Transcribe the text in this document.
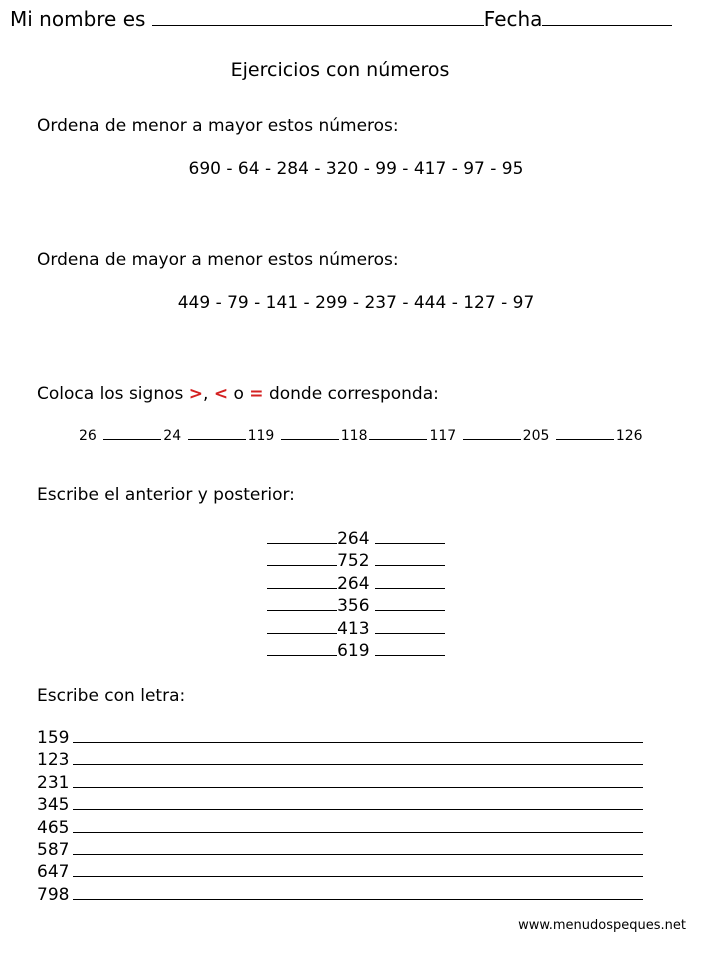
Mi nombre es	Fecha
Ejercicios con números
Ordena de menor a mayor estos números:
690 - 64 - 284 - 320 - 99 - 417 - 97 - 95
Ordena de mayor a menor estos números:
449 - 79 - 141 - 299 - 237 - 444 - 127 - 97
Coloca los signos >, < o = donde corresponda:
26	24	119	118	117	205	126
Escribe el anterior y posterior:
264
752
264
356
413
619
Escribe con letra:
159
123
231
345
465
587
647
798
www.menudospeques.net
